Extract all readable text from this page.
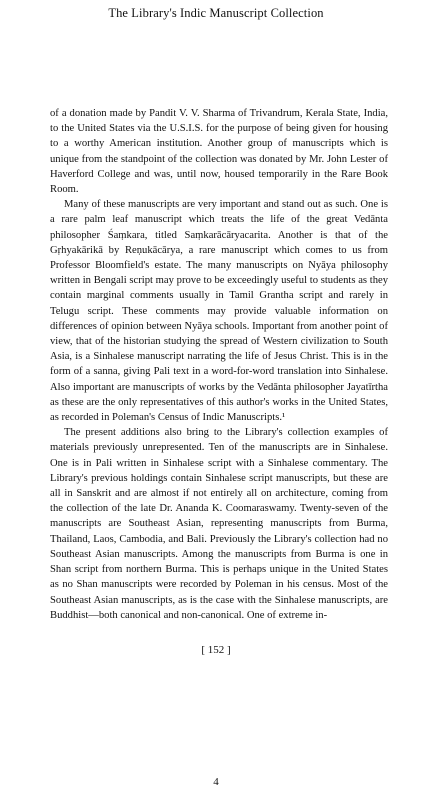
The Library's Indic Manuscript Collection

of a donation made by Pandit V. V. Sharma of Trivandrum, Kerala State, India, to the United States via the U.S.I.S. for the purpose of being given for housing to a worthy American institution. Another group of manuscripts which is unique from the standpoint of the collection was donated by Mr. John Lester of Haverford College and was, until now, housed temporarily in the Rare Book Room.

Many of these manuscripts are very important and stand out as such. One is a rare palm leaf manuscript which treats the life of the great Vedānta philosopher Śaṃkara, titled Saṃkarācāryacarita. Another is that of the Gṛhyakārikā by Reṇukācārya, a rare manuscript which comes to us from Professor Bloomfield's estate. The many manuscripts on Nyāya philosophy written in Bengali script may prove to be exceedingly useful to students as they contain marginal comments usually in Tamil Grantha script and rarely in Telugu script. These comments may provide valuable information on differences of opinion between Nyāya schools. Important from another point of view, that of the historian studying the spread of Western civilization to South Asia, is a Sinhalese manuscript narrating the life of Jesus Christ. This is in the form of a sanna, giving Pali text in a word-for-word translation into Sinhalese. Also important are manuscripts of works by the Vedānta philosopher Jayatīrtha as these are the only representatives of this author's works in the United States, as recorded in Poleman's Census of Indic Manuscripts.¹

The present additions also bring to the Library's collection examples of materials previously unrepresented. Ten of the manuscripts are in Sinhalese. One is in Pali written in Sinhalese script with a Sinhalese commentary. The Library's previous holdings contain Sinhalese script manuscripts, but these are all in Sanskrit and are almost if not entirely all on architecture, coming from the collection of the late Dr. Ananda K. Coomaraswamy. Twenty-seven of the manuscripts are Southeast Asian, representing manuscripts from Burma, Thailand, Laos, Cambodia, and Bali. Previously the Library's collection had no Southeast Asian manuscripts. Among the manuscripts from Burma is one in Shan script from northern Burma. This is perhaps unique in the United States as no Shan manuscripts were recorded by Poleman in his census. Most of the Southeast Asian manuscripts, as is the case with the Sinhalese manuscripts, are Buddhist—both canonical and non-canonical. One of extreme in-

[ 152 ]
4
